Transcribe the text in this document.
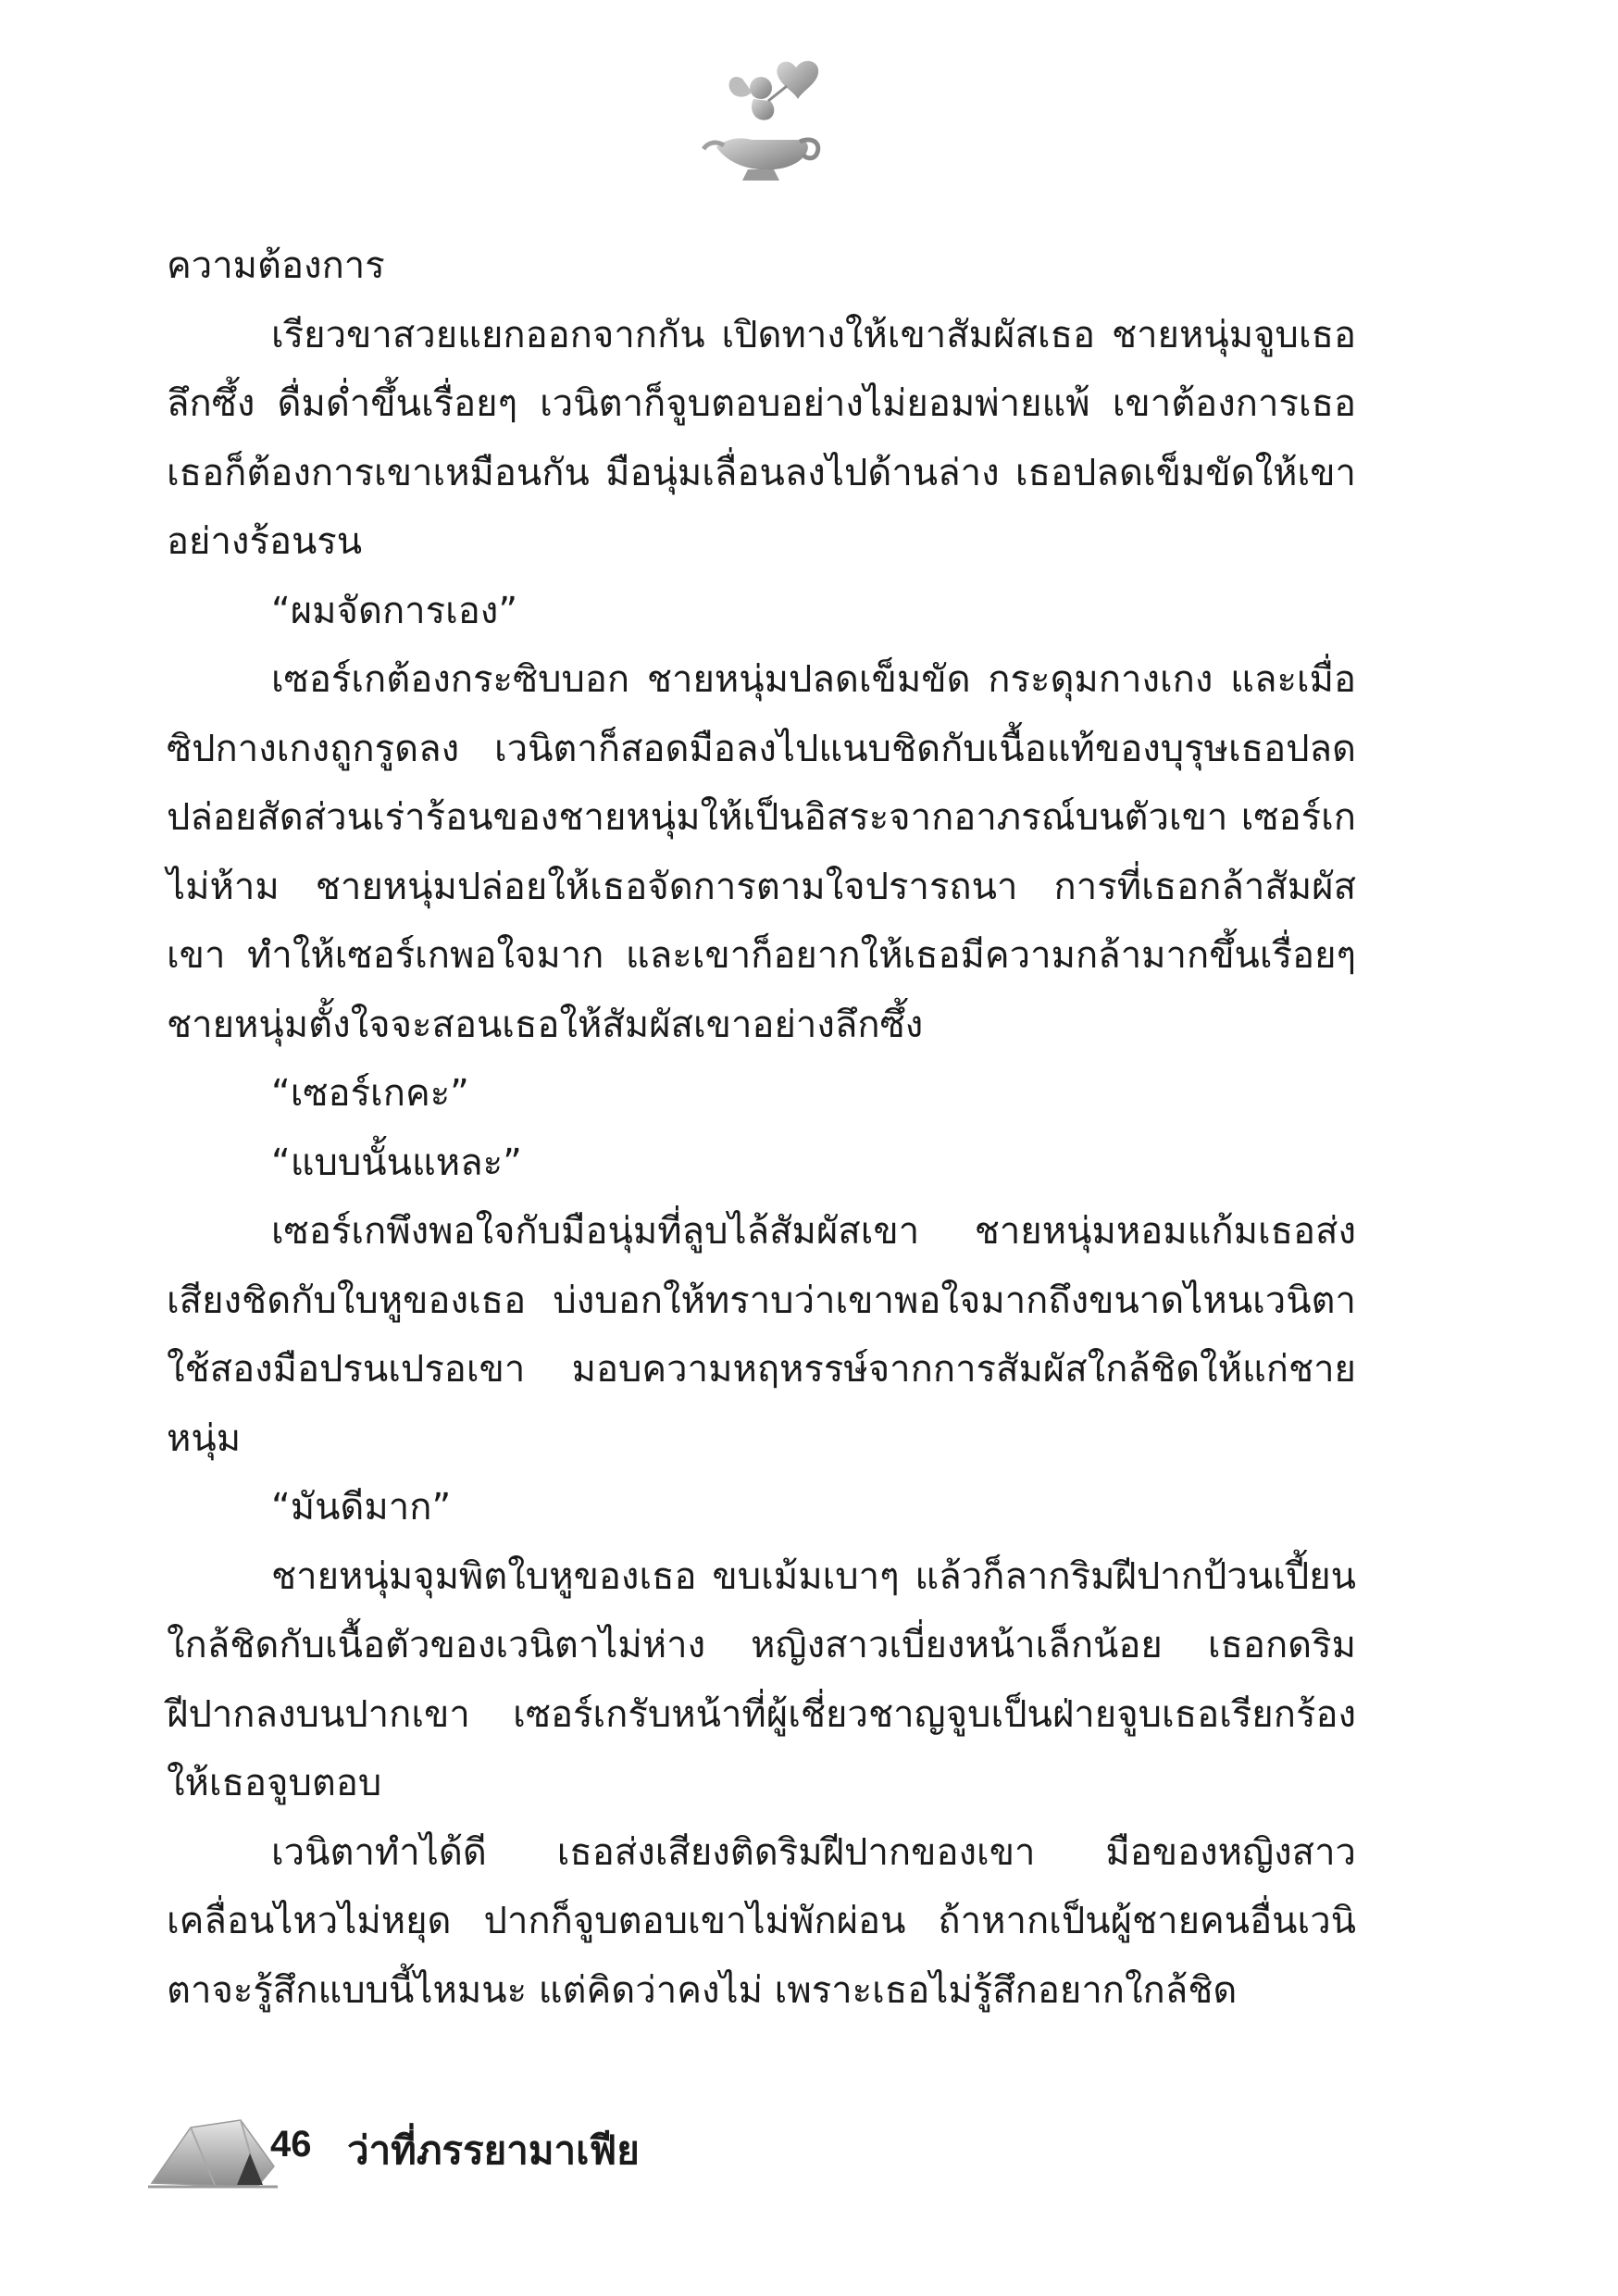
ความต้องการ

เรียวขาสวยแยกออกจากกัน เปิดทางให้เขาสัมผัสเธอ ชายหนุ่มจูบเธอลึกซึ้ง ดื่มด่ำขึ้นเรื่อยๆ เวนิตาก็จูบตอบอย่างไม่ยอมพ่ายแพ้ เขาต้องการเธอ เธอก็ต้องการเขาเหมือนกัน มือนุ่มเลื่อนลงไปด้านล่าง เธอปลดเข็มขัดให้เขาอย่างร้อนรน

“ผมจัดการเอง”

เซอร์เกต้องกระซิบบอก ชายหนุ่มปลดเข็มขัด กระดุมกางเกง และเมื่อซิปกางเกงถูกรูดลง เวนิตาก็สอดมือลงไปแนบชิดกับเนื้อแท้ของบุรุษเธอปลดปล่อยสัดส่วนเร่าร้อนของชายหนุ่มให้เป็นอิสระจากอาภรณ์บนตัวเขา เซอร์เกไม่ห้าม ชายหนุ่มปล่อยให้เธอจัดการตามใจปรารถนา การที่เธอกล้าสัมผัสเขา ทำให้เซอร์เกพอใจมาก และเขาก็อยากให้เธอมีความกล้ามากขึ้นเรื่อยๆ ชายหนุ่มตั้งใจจะสอนเธอให้สัมผัสเขาอย่างลึกซึ้ง

“เซอร์เกคะ”

“แบบนั้นแหละ”

เซอร์เกพึงพอใจกับมือนุ่มที่ลูบไล้สัมผัสเขา ชายหนุ่มหอมแก้มเธอส่งเสียงชิดกับใบหูของเธอ บ่งบอกให้ทราบว่าเขาพอใจมากถึงขนาดไหนเวนิตาใช้สองมือปรนเปรอเขา มอบความหฤหรรษ์จากการสัมผัสใกล้ชิดให้แก่ชายหนุ่ม

“มันดีมาก”

ชายหนุ่มจุมพิตใบหูของเธอ ขบเม้มเบาๆ แล้วก็ลากริมฝีปากป้วนเปี้ยนใกล้ชิดกับเนื้อตัวของเวนิตาไม่ห่าง หญิงสาวเบี่ยงหน้าเล็กน้อย เธอกดริมฝีปากลงบนปากเขา เซอร์เกรับหน้าที่ผู้เชี่ยวชาญจูบเป็นฝ่ายจูบเธอเรียกร้องให้เธอจูบตอบ

เวนิตาทำได้ดี เธอส่งเสียงติดริมฝีปากของเขา มือของหญิงสาวเคลื่อนไหวไม่หยุด ปากก็จูบตอบเขาไม่พักผ่อน ถ้าหากเป็นผู้ชายคนอื่นเวนิตาจะรู้สึกแบบนี้ไหมนะ แต่คิดว่าคงไม่ เพราะเธอไม่รู้สึกอยากใกล้ชิด

46 ว่าที่ภรรยามาเฟีย
